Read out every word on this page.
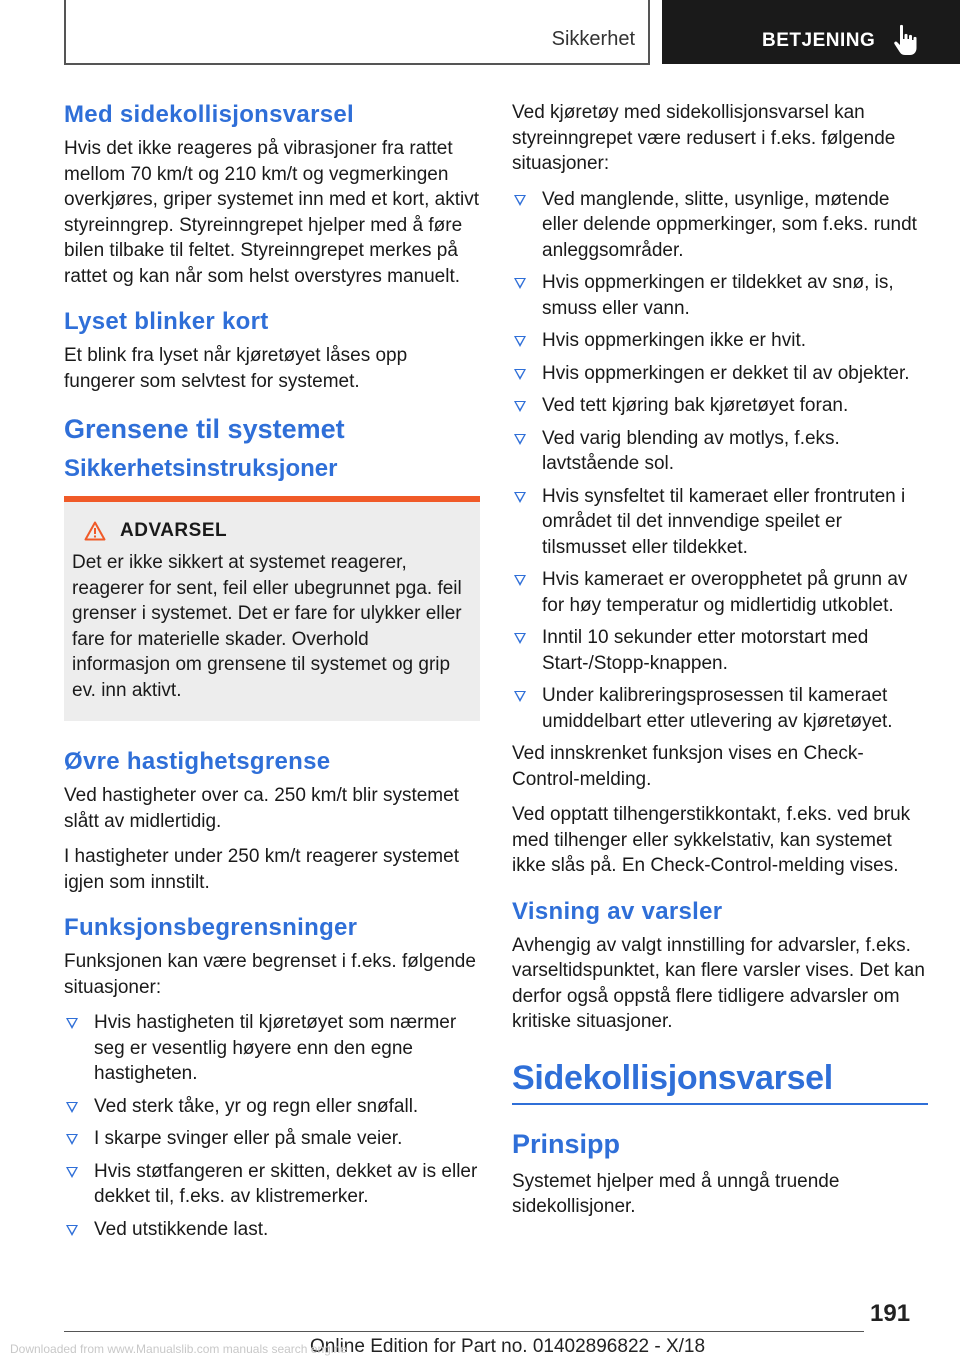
Sikkerhet	BETJENING
Med sidekollisjonsvarsel

Hvis det ikke reageres på vibrasjoner fra rattet mellom 70 km/t og 210 km/t og vegmerkingen overkjøres, griper systemet inn med et kort, aktivt styreinngrep. Styreinngrepet hjelper med å føre bilen tilbake til feltet. Styreinngrepet merkes på rattet og kan når som helst overstyres manuelt.

Lyset blinker kort

Et blink fra lyset når kjøretøyet låses opp fungerer som selvtest for systemet.

Grensene til systemet
Sikkerhetsinstruksjoner
ADVARSEL

Det er ikke sikkert at systemet reagerer, reagerer for sent, feil eller ubegrunnet pga. feil grenser i systemet. Det er fare for ulykker eller fare for materielle skader. Overhold informasjon om grensene til systemet og grip ev. inn aktivt.

Øvre hastighetsgrense

Ved hastigheter over ca. 250 km/t blir systemet slått av midlertidig.

I hastigheter under 250 km/t reagerer systemet igjen som innstilt.

Funksjonsbegrensninger

Funksjonen kan være begrenset i f.eks. følgende situasjoner:

Hvis hastigheten til kjøretøyet som nærmer seg er vesentlig høyere enn den egne hastigheten.
Ved sterk tåke, yr og regn eller snøfall.
I skarpe svinger eller på smale veier.
Hvis støtfangeren er skitten, dekket av is eller dekket til, f.eks. av klistremerker.
Ved utstikkende last.

Ved kjøretøy med sidekollisjonsvarsel kan styreinngrepet være redusert i f.eks. følgende situasjoner:

Ved manglende, slitte, usynlige, møtende eller delende oppmerkinger, som f.eks. rundt anleggsområder.
Hvis oppmerkingen er tildekket av snø, is, smuss eller vann.
Hvis oppmerkingen ikke er hvit.
Hvis oppmerkingen er dekket til av objekter.
Ved tett kjøring bak kjøretøyet foran.
Ved varig blending av motlys, f.eks. lavtstående sol.
Hvis synsfeltet til kameraet eller frontruten i området til det innvendige speilet er tilsmusset eller tildekket.
Hvis kameraet er overopphetet på grunn av for høy temperatur og midlertidig utkoblet.
Inntil 10 sekunder etter motorstart med Start-/Stopp-knappen.
Under kalibreringsprosessen til kameraet umiddelbart etter utlevering av kjøretøyet.

Ved innskrenket funksjon vises en Check-Control-melding.

Ved opptatt tilhengerstikkontakt, f.eks. ved bruk med tilhenger eller sykkelstativ, kan systemet ikke slås på. En Check-Control-melding vises.

Visning av varsler

Avhengig av valgt innstilling for advarsler, f.eks. varseltidspunktet, kan flere varsler vises. Det kan derfor også oppstå flere tidligere advarsler om kritiske situasjoner.

Sidekollisjonsvarsel
Prinsipp

Systemet hjelper med å unngå truende sidekollisjoner.

191
Online Edition for Part no. 01402896822 - X/18
Downloaded from www.Manualslib.com manuals search engine
